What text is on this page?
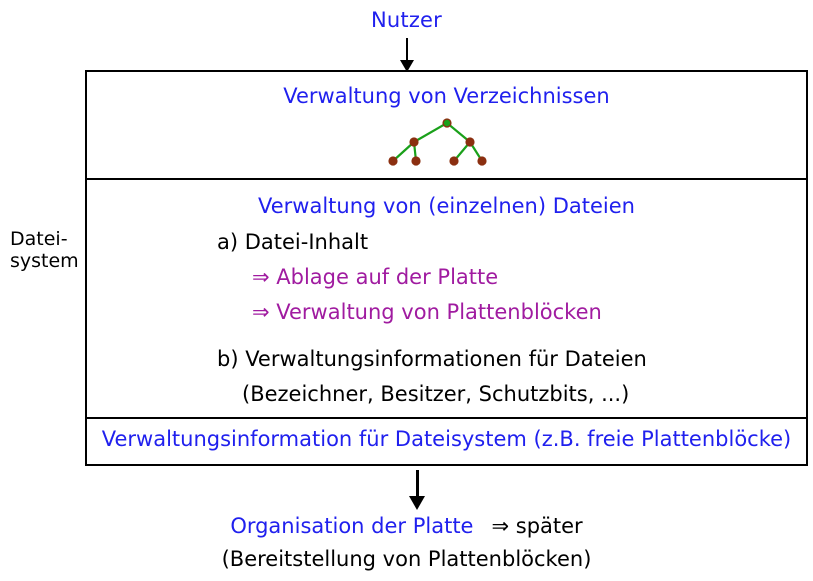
Nutzer
Datei-
system
Verwaltung von Verzeichnissen
Verwaltung von (einzelnen) Dateien
a) Datei-Inhalt
⇒ Ablage auf der Platte
⇒ Verwaltung von Plattenblöcken
b) Verwaltungsinformationen für Dateien
(Bezeichner, Besitzer, Schutzbits, ...)
Verwaltungsinformation für Dateisystem (z.B. freie Plattenblöcke)
Organisation der Platte ⇒ später
(Bereitstellung von Plattenblöcken)
